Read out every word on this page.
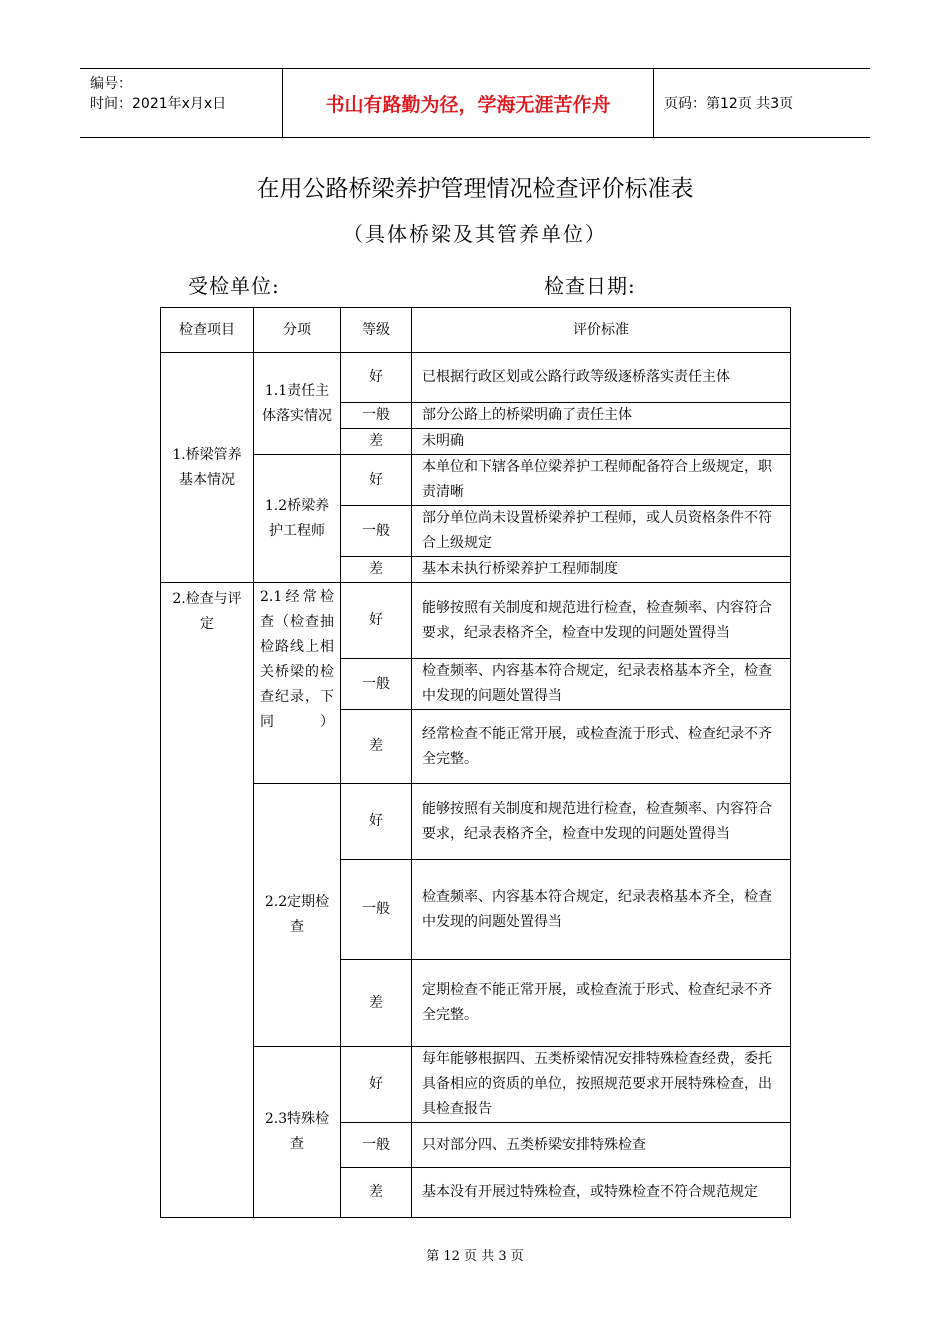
编号：
时间：2021年x月x日	书山有路勤为径，学海无涯苦作舟	页码：第12页 共3页
在用公路桥梁养护管理情况检查评价标准表
（具体桥梁及其管养单位）
受检单位:	检查日期:
检查项目	分项	等级	评价标准
1.桥梁管养基本情况	1.1责任主体落实情况	好	已根据行政区划或公路行政等级逐桥落实责任主体
		一般	部分公路上的桥梁明确了责任主体
		差	未明确
	1.2桥梁养护工程师	好	本单位和下辖各单位梁养护工程师配备符合上级规定，职责清晰
		一般	部分单位尚未设置桥梁养护工程师，或人员资格条件不符合上级规定
		差	基本未执行桥梁养护工程师制度
2.检查与评定	2.1经常检查（检查抽检路线上相关桥梁的检查纪录，下同）	好	能够按照有关制度和规范进行检查，检查频率、内容符合要求，纪录表格齐全，检查中发现的问题处置得当
		一般	检查频率、内容基本符合规定，纪录表格基本齐全，检查中发现的问题处置得当
		差	经常检查不能正常开展，或检查流于形式、检查纪录不齐全完整。
	2.2定期检查	好	能够按照有关制度和规范进行检查，检查频率、内容符合要求，纪录表格齐全，检查中发现的问题处置得当
		一般	检查频率、内容基本符合规定，纪录表格基本齐全，检查中发现的问题处置得当
		差	定期检查不能正常开展，或检查流于形式、检查纪录不齐全完整。
	2.3特殊检查	好	每年能够根据四、五类桥梁情况安排特殊检查经费，委托具备相应的资质的单位，按照规范要求开展特殊检查，出具检查报告
		一般	只对部分四、五类桥梁安排特殊检查
		差	基本没有开展过特殊检查，或特殊检查不符合规范规定
第 12 页 共 3 页
